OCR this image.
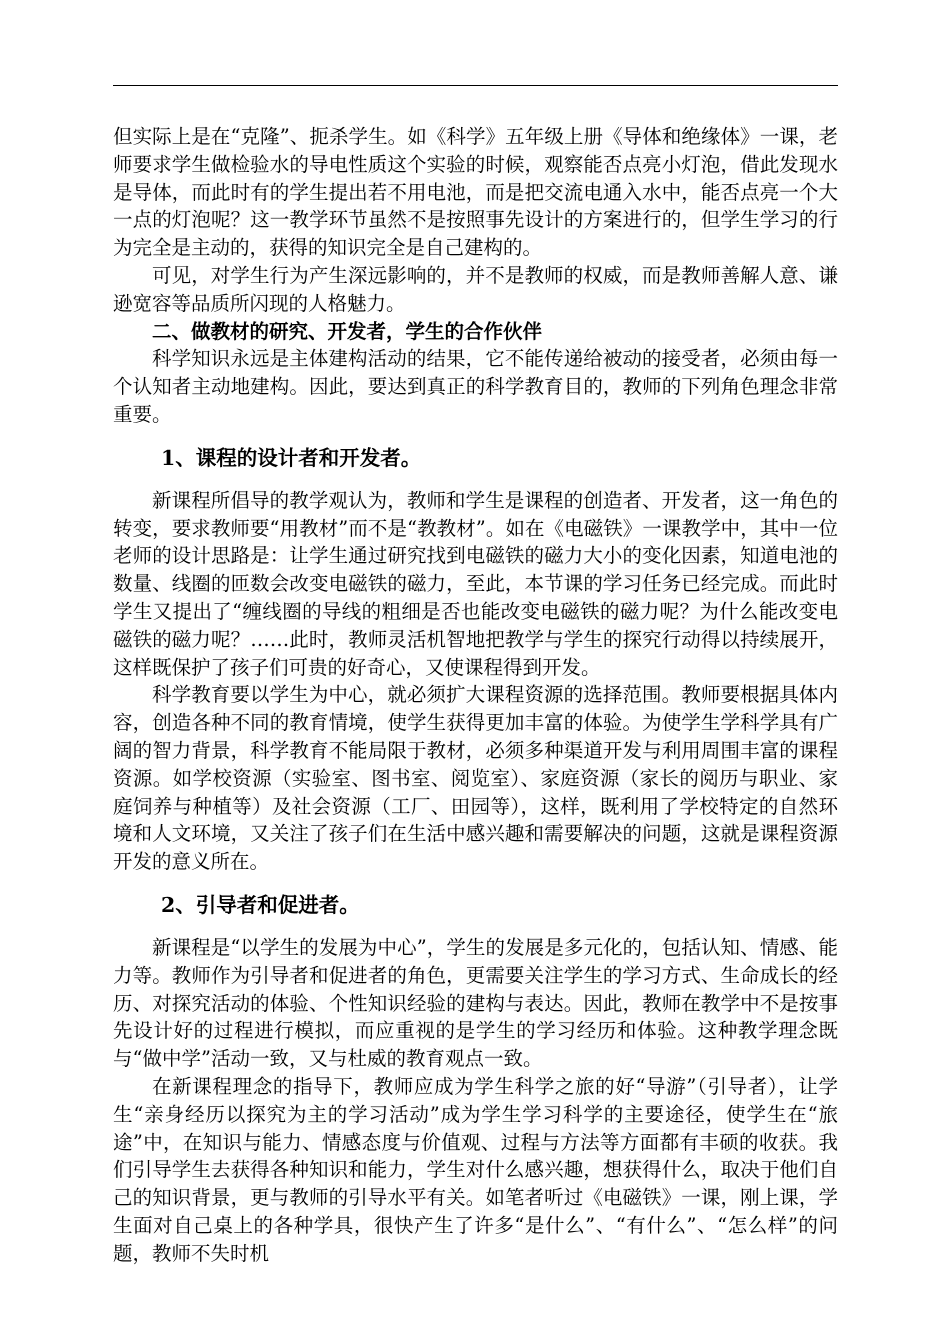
但实际上是在“克隆”、扼杀学生。如《科学》五年级上册《导体和绝缘体》一课，老师要求学生做检验水的导电性质这个实验的时候，观察能否点亮小灯泡，借此发现水是导体，而此时有的学生提出若不用电池，而是把交流电通入水中，能否点亮一个大一点的灯泡呢？这一教学环节虽然不是按照事先设计的方案进行的，但学生学习的行为完全是主动的，获得的知识完全是自己建构的。

可见，对学生行为产生深远影响的，并不是教师的权威，而是教师善解人意、谦逊宽容等品质所闪现的人格魅力。

二、做教材的研究、开发者，学生的合作伙伴

科学知识永远是主体建构活动的结果，它不能传递给被动的接受者，必须由每一个认知者主动地建构。因此，要达到真正的科学教育目的，教师的下列角色理念非常重要。

1、课程的设计者和开发者。

新课程所倡导的教学观认为，教师和学生是课程的创造者、开发者，这一角色的转变，要求教师要“用教材”而不是“教教材”。如在《电磁铁》一课教学中，其中一位老师的设计思路是：让学生通过研究找到电磁铁的磁力大小的变化因素，知道电池的数量、线圈的匝数会改变电磁铁的磁力，至此，本节课的学习任务已经完成。而此时学生又提出了“缠线圈的导线的粗细是否也能改变电磁铁的磁力呢？为什么能改变电磁铁的磁力呢？……此时，教师灵活机智地把教学与学生的探究行动得以持续展开，这样既保护了孩子们可贵的好奇心，又使课程得到开发。

科学教育要以学生为中心，就必须扩大课程资源的选择范围。教师要根据具体内容，创造各种不同的教育情境，使学生获得更加丰富的体验。为使学生学科学具有广阔的智力背景，科学教育不能局限于教材，必须多种渠道开发与利用周围丰富的课程资源。如学校资源（实验室、图书室、阅览室）、家庭资源（家长的阅历与职业、家庭饲养与种植等）及社会资源（工厂、田园等），这样，既利用了学校特定的自然环境和人文环境，又关注了孩子们在生活中感兴趣和需要解决的问题，这就是课程资源开发的意义所在。

2、引导者和促进者。

新课程是“以学生的发展为中心”，学生的发展是多元化的，包括认知、情感、能力等。教师作为引导者和促进者的角色，更需要关注学生的学习方式、生命成长的经历、对探究活动的体验、个性知识经验的建构与表达。因此，教师在教学中不是按事先设计好的过程进行模拟，而应重视的是学生的学习经历和体验。这种教学理念既与“做中学”活动一致，又与杜威的教育观点一致。

在新课程理念的指导下，教师应成为学生科学之旅的好“导游”（引导者），让学生“亲身经历以探究为主的学习活动”成为学生学习科学的主要途径，使学生在“旅途”中，在知识与能力、情感态度与价值观、过程与方法等方面都有丰硕的收获。我们引导学生去获得各种知识和能力，学生对什么感兴趣，想获得什么，取决于他们自己的知识背景，更与教师的引导水平有关。如笔者听过《电磁铁》一课，刚上课，学生面对自己桌上的各种学具，很快产生了许多“是什么”、“有什么”、“怎么样”的问题，教师不失时机
